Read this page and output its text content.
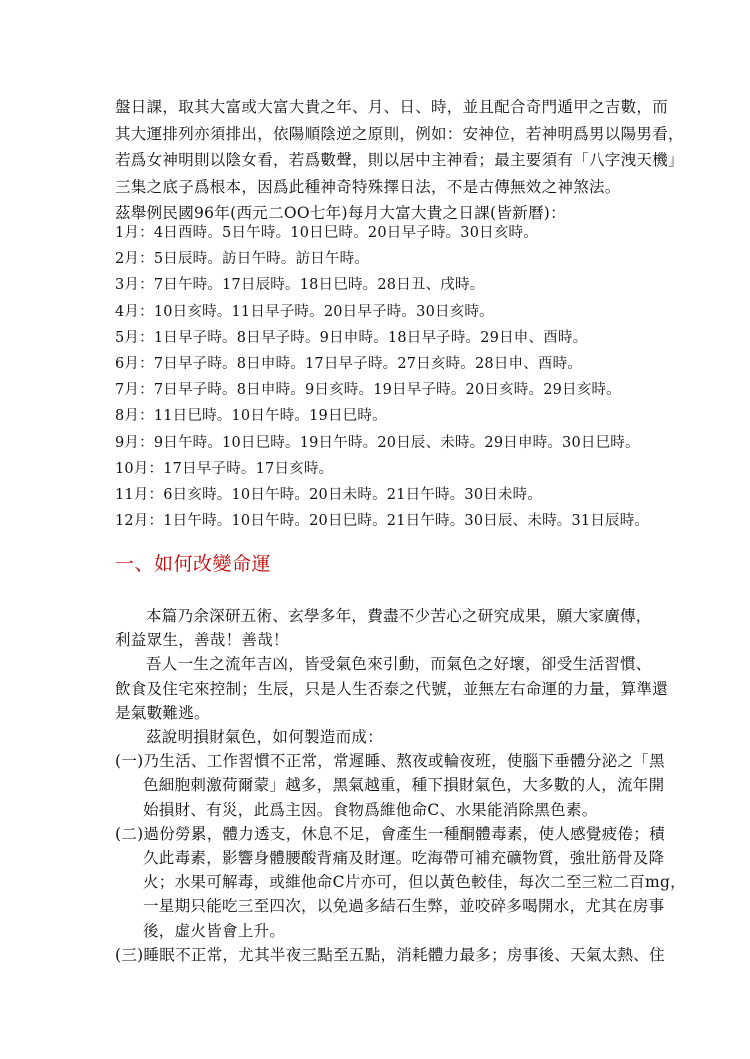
盤日課，取其大富或大富大貴之年、月、日、時，並且配合奇門遁甲之吉數，而

其大運排列亦須排出，依陽順陰逆之原則，例如：安神位，若神明爲男以陽男看，

若爲女神明則以陰女看，若爲數聲，則以居中主神看；最主要須有「八字洩天機」

三集之底子爲根本，因爲此種神奇特殊擇日法，不是古傳無效之神煞法。

茲舉例民國96年(西元二OO七年)每月大富大貴之日課(皆新曆)：

1月：4日酉時。5日午時。10日巳時。20日早子時。30日亥時。
2月：5日辰時。訪日午時。訪日午時。
3月：7日午時。17日辰時。18日巳時。28日丑、戌時。
4月：10日亥時。11日早子時。20日早子時。30日亥時。
5月：1日早子時。8日早子時。9日申時。18日早子時。29日申、酉時。
6月：7日早子時。8日申時。17日早子時。27日亥時。28日申、酉時。
7月：7日早子時。8日申時。9日亥時。19日早子時。20日亥時。29日亥時。
8月：11日巳時。10日午時。19日巳時。
9月：9日午時。10日巳時。19日午時。20日辰、未時。29日申時。30日巳時。
10月：17日早子時。17日亥時。
11月：6日亥時。10日午時。20日未時。21日午時。30日未時。
12月：1日午時。10日午時。20日巳時。21日午時。30日辰、未時。31日辰時。
一、如何改變命運

本篇乃余深研五術、玄學多年，費盡不少苦心之研究成果，願大家廣傳，

利益眾生，善哉！善哉！

吾人一生之流年吉凶，皆受氣色來引動，而氣色之好壞，卻受生活習慣、

飲食及住宅來控制；生辰，只是人生否泰之代號，並無左右命運的力量，算準還

是氣數難逃。

茲說明損財氣色，如何製造而成：

(一)乃生活、工作習慣不正常，常遲睡、熬夜或輪夜班，使腦下垂體分泌之「黑

色細胞刺激荷爾蒙」越多，黑氣越重，種下損財氣色，大多數的人，流年開

始損財、有災，此爲主因。食物爲維他命C、水果能消除黑色素。

(二)過份勞累，體力透支，休息不足，會產生一種酮體毒素，使人感覺疲倦；積

久此毒素，影響身體腰酸背痛及財運。吃海帶可補充礦物質，強壯筋骨及降

火；水果可解毒，或維他命C片亦可，但以黃色較佳，每次二至三粒二百mg，

一星期只能吃三至四次，以免過多結石生弊，並咬碎多喝開水，尤其在房事

後，虛火皆會上升。

(三)睡眠不正常，尤其半夜三點至五點，消耗體力最多；房事後、天氣太熱、住
